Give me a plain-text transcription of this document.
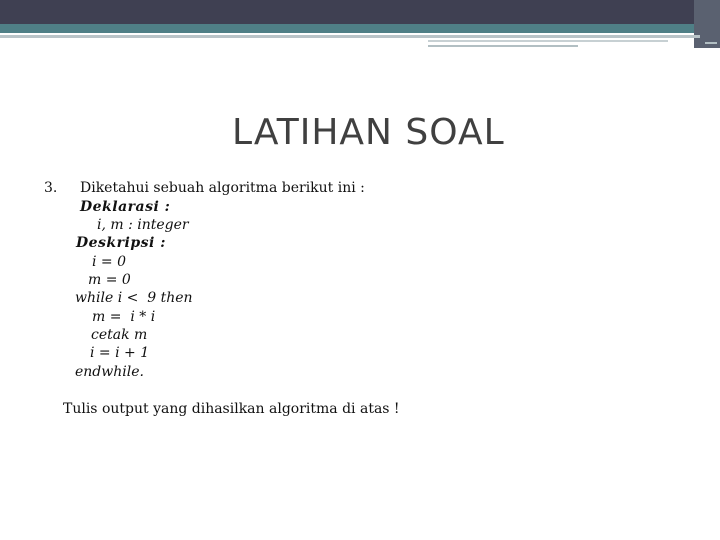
LATIHAN SOAL
3. Diketahui sebuah algoritma berikut ini :
Deklarasi :
i, m : integer
Deskripsi :
i = 0
m = 0
while i <  9 then
m =  i * i
cetak m
i = i + 1
endwhile.
Tulis output yang dihasilkan algoritma di atas !
